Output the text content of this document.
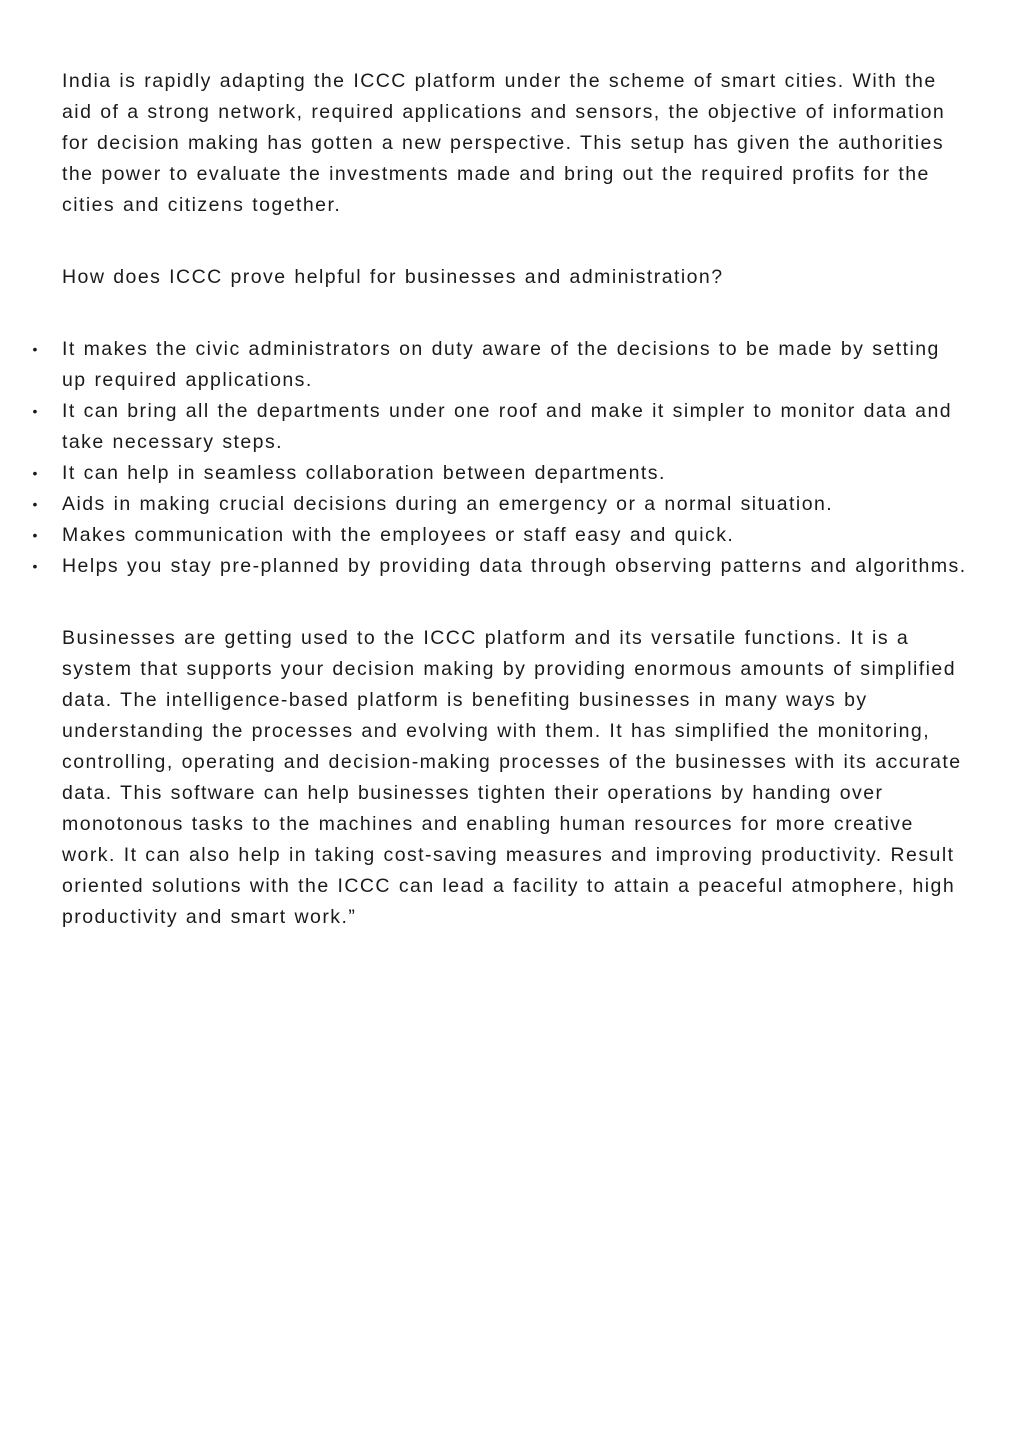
India is rapidly adapting the ICCC platform under the scheme of smart cities. With the aid of a strong network, required applications and sensors, the objective of information for decision making has gotten a new perspective. This setup has given the authorities the power to evaluate the investments made and bring out the required profits for the cities and citizens together.

How does ICCC prove helpful for businesses and administration?

• It makes the civic administrators on duty aware of the decisions to be made by setting up required applications.
• It can bring all the departments under one roof and make it simpler to monitor data and take necessary steps.
• It can help in seamless collaboration between departments.
• Aids in making crucial decisions during an emergency or a normal situation.
• Makes communication with the employees or staff easy and quick.
• Helps you stay pre-planned by providing data through observing patterns and algorithms.

Businesses are getting used to the ICCC platform and its versatile functions. It is a system that supports your decision making by providing enormous amounts of simplified data. The intelligence-based platform is benefiting businesses in many ways by understanding the processes and evolving with them. It has simplified the monitoring, controlling, operating and decision-making processes of the businesses with its accurate data. This software can help businesses tighten their operations by handing over monotonous tasks to the machines and enabling human resources for more creative work. It can also help in taking cost-saving measures and improving productivity. Result oriented solutions with the ICCC can lead a facility to attain a peaceful atmophere, high productivity and smart work.”
